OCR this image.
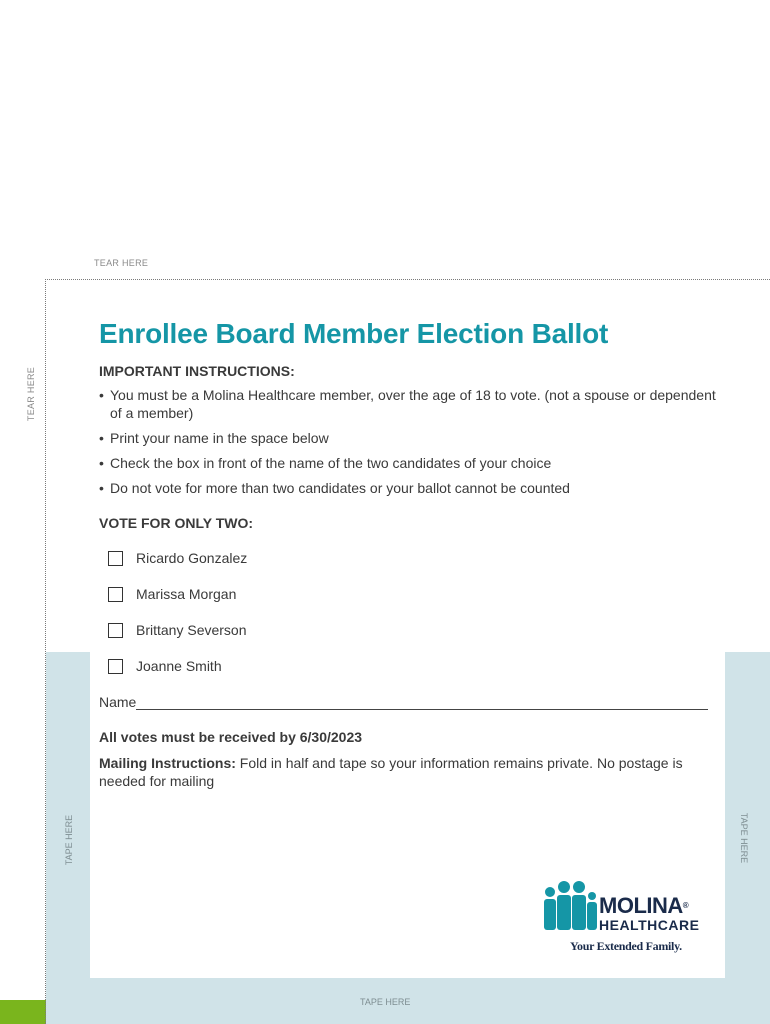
TEAR HERE
TEAR HERE
TAPE HERE	TAPE HERE
TAPE HERE
Enrollee Board Member Election Ballot
IMPORTANT INSTRUCTIONS:
• You must be a Molina Healthcare member, over the age of 18 to vote. (not a spouse or dependent of a member)
• Print your name in the space below
• Check the box in front of the name of the two candidates of your choice
• Do not vote for more than two candidates or your ballot cannot be counted
VOTE FOR ONLY TWO:
Ricardo Gonzalez
Marissa Morgan
Brittany Severson
Joanne Smith
Name
All votes must be received by 6/30/2023

Mailing Instructions: Fold in half and tape so your information remains private. No postage is needed for mailing

MOLINA®
HEALTHCARE
Your Extended Family.
